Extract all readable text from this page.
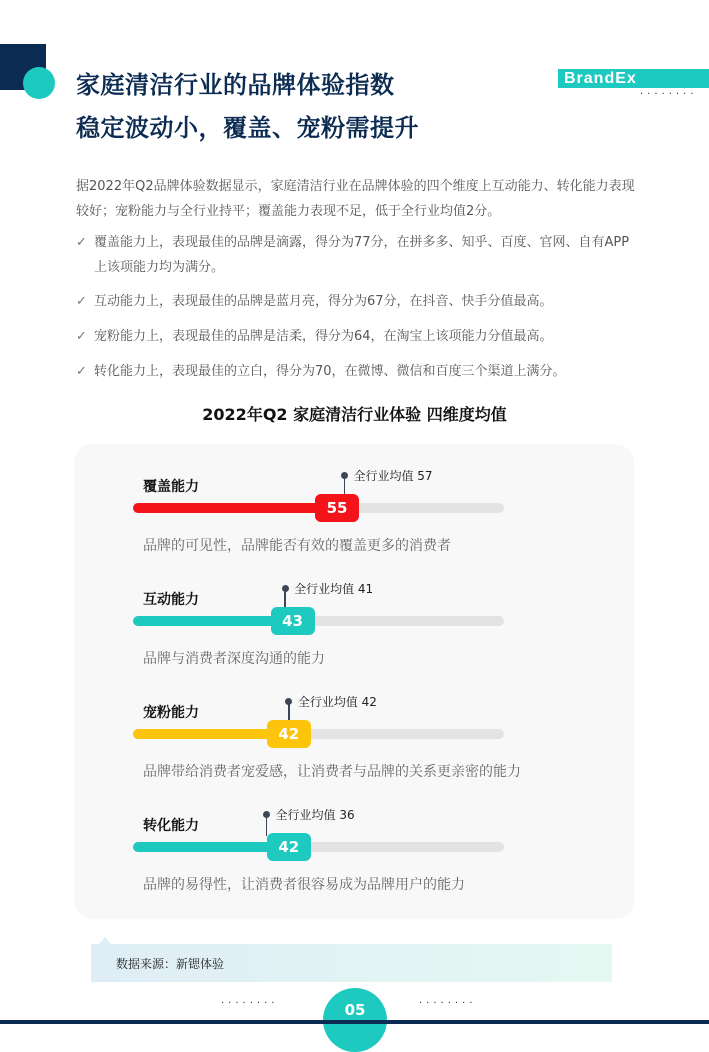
家庭清洁行业的品牌体验指数
稳定波动小，覆盖、宠粉需提升
BrandEx
········
据2022年Q2品牌体验数据显示，家庭清洁行业在品牌体验的四个维度上互动能力、转化能力表现较好；宠粉能力与全行业持平；覆盖能力表现不足，低于全行业均值2分。
✓ 覆盖能力上，表现最佳的品牌是滴露，得分为77分，在拼多多、知乎、百度、官网、自有APP上该项能力均为满分。
✓ 互动能力上，表现最佳的品牌是蓝月亮，得分为67分，在抖音、快手分值最高。
✓ 宠粉能力上，表现最佳的品牌是洁柔，得分为64，在淘宝上该项能力分值最高。
✓ 转化能力上，表现最佳的立白，得分为70，在微博、微信和百度三个渠道上满分。
2022年Q2 家庭清洁行业体验 四维度均值
覆盖能力
全行业均值 57
55
品牌的可见性，品牌能否有效的覆盖更多的消费者
互动能力
全行业均值 41
43
品牌与消费者深度沟通的能力
宠粉能力
全行业均值 42
42
品牌带给消费者宠爱感，让消费者与品牌的关系更亲密的能力
转化能力
全行业均值 36
42
品牌的易得性，让消费者很容易成为品牌用户的能力
数据来源：新锶体验
········	········
05
